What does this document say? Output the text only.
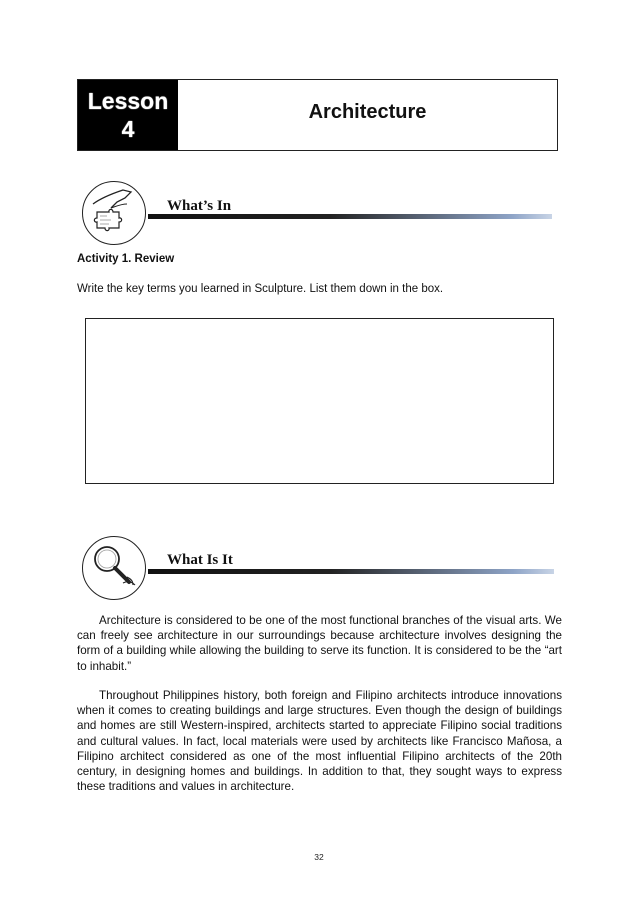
Lesson
4
Architecture
What’s In
Activity 1. Review
Write the key terms you learned in Sculpture. List them down in the box.
What Is It

Architecture is considered to be one of the most functional branches of the visual arts. We can freely see architecture in our surroundings because architecture involves designing the form of a building while allowing the building to serve its function. It is considered to be the “art to inhabit.”

Throughout Philippines history, both foreign and Filipino architects introduce innovations when it comes to creating buildings and large structures. Even though the design of buildings and homes are still Western-inspired, architects started to appreciate Filipino social traditions and cultural values. In fact, local materials were used by architects like Francisco Mañosa, a Filipino architect considered as one of the most influential Filipino architects of the 20th century, in designing homes and buildings. In addition to that, they sought ways to express these traditions and values in architecture.

32
